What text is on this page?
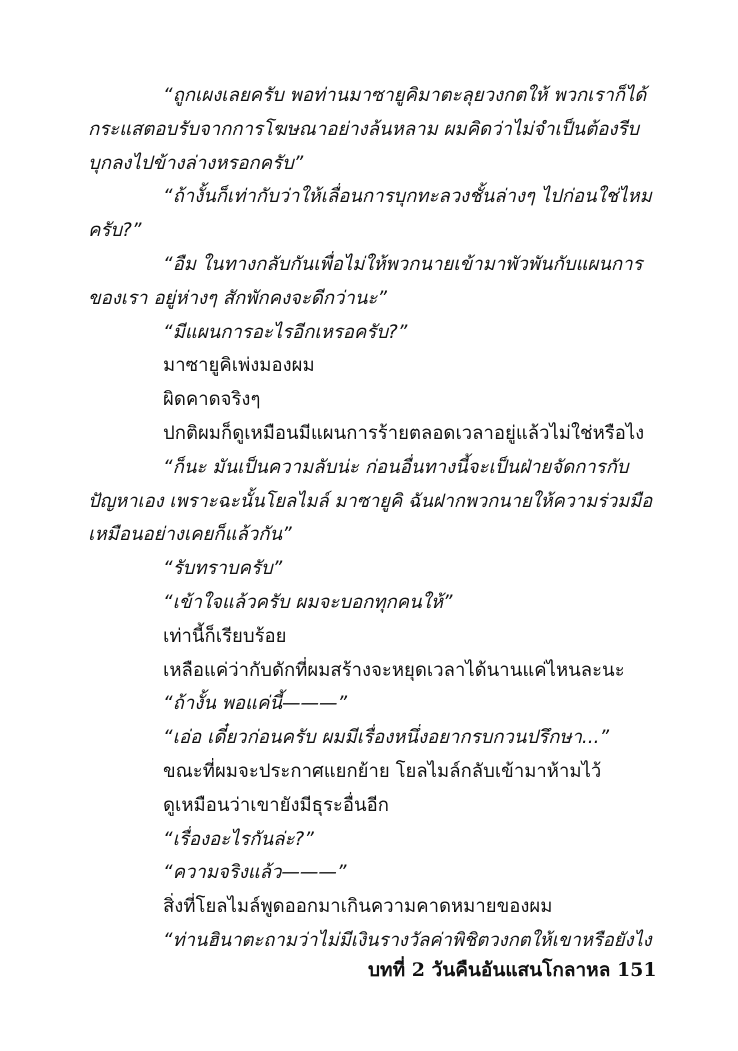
“ถูกเผงเลยครับ พอท่านมาซายูคิมาตะลุยวงกตให้ พวกเราก็ได้
กระแสตอบรับจากการโฆษณาอย่างล้นหลาม ผมคิดว่าไม่จำเป็นต้องรีบ
บุกลงไปข้างล่างหรอกครับ”
“ถ้างั้นก็เท่ากับว่าให้เลื่อนการบุกทะลวงชั้นล่างๆ ไปก่อนใช่ไหม
ครับ?”
“อืม ในทางกลับกันเพื่อไม่ให้พวกนายเข้ามาพัวพันกับแผนการ
ของเรา อยู่ห่างๆ สักพักคงจะดีกว่านะ”
“มีแผนการอะไรอีกเหรอครับ?”
มาซายูคิเพ่งมองผม
ผิดคาดจริงๆ
ปกติผมก็ดูเหมือนมีแผนการร้ายตลอดเวลาอยู่แล้วไม่ใช่หรือไง
“ก็นะ มันเป็นความลับน่ะ ก่อนอื่นทางนี้จะเป็นฝ่ายจัดการกับ
ปัญหาเอง เพราะฉะนั้นโยลไมล์ มาซายูคิ ฉันฝากพวกนายให้ความร่วมมือ
เหมือนอย่างเคยก็แล้วกัน”
“รับทราบครับ”
“เข้าใจแล้วครับ ผมจะบอกทุกคนให้”
เท่านี้ก็เรียบร้อย
เหลือแค่ว่ากับดักที่ผมสร้างจะหยุดเวลาได้นานแค่ไหนละนะ
“ถ้างั้น พอแค่นี้———”
“เอ่อ เดี๋ยวก่อนครับ ผมมีเรื่องหนึ่งอยากรบกวนปรึกษา...”
ขณะที่ผมจะประกาศแยกย้าย โยลไมล์กลับเข้ามาห้ามไว้
ดูเหมือนว่าเขายังมีธุระอื่นอีก
“เรื่องอะไรกันล่ะ?”
“ความจริงแล้ว———”
สิ่งที่โยลไมล์พูดออกมาเกินความคาดหมายของผม
“ท่านฮินาตะถามว่าไม่มีเงินรางวัลค่าพิชิตวงกตให้เขาหรือยังไง
บทที่ 2 วันคืนอันแสนโกลาหล 151
